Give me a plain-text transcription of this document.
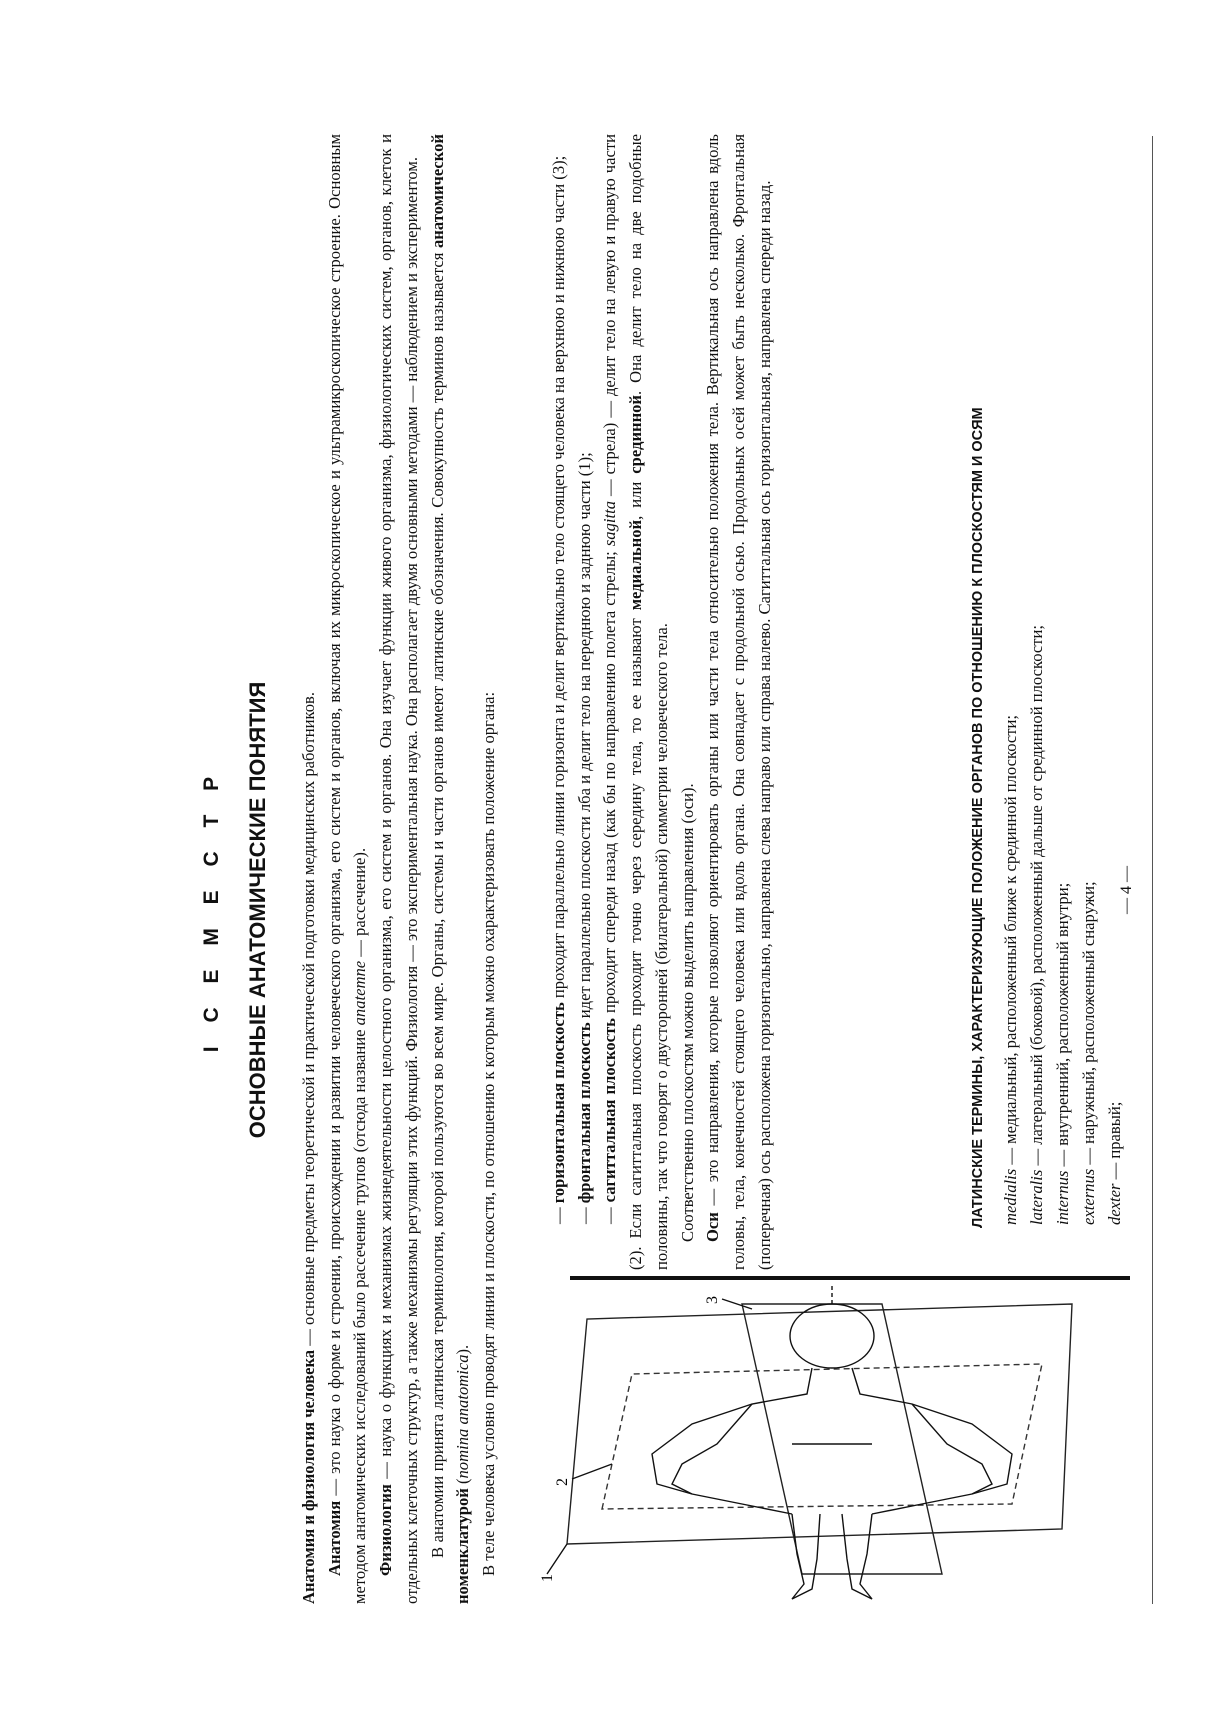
I С Е М Е С Т Р ОСНОВНЫЕ АНАТОМИЧЕСКИЕ ПОНЯТИЯ

Анатомия и физиология человека — основные предметы теоретической и практической подготовки медицинских работников.

Анатомия — это наука о форме и строении, происхождении и развитии человеческого организма, его систем и органов, включая их микроскопическое и ультрамикроскопическое строение. Основным методом анатомических исследований было рассечение трупов (отсюда название anatemne — рассечение).

Физиология — наука о функциях и механизмах жизнедеятельности целостного организма, его систем и органов. Она изучает функции живого организма, физиологических систем, органов, клеток и отдельных клеточных структур, а также механизмы регуляции этих функций. Физиология — это экспериментальная наука. Она располагает двумя основными методами — наблюдением и экспериментом. В анатомии принята латинская терминология, которой пользуются во всем мире. Органы, системы и части органов имеют латинские обозначения. Совокупность терминов называется анатомической номенклатурой (nomina anatomica). В теле человека условно проводят линии и плоскости, по отношению к которым можно охарактеризовать положение органа:

1
2
3

— горизонтальная плоскость проходит параллельно линии горизонта и делит вертикально тело стоящего человека на верхнюю и нижнюю части (3);

— фронтальная плоскость идет параллельно плоскости лба и делит тело на переднюю и заднюю части (1);

— сагиттальная плоскость проходит спереди назад (как бы по направлению полета стрелы; sagitta — стрела) — делит тело на левую и правую части (2). Если сагиттальная плоскость проходит точно через середину тела, то ее называют медиальной, или срединной. Она делит тело на две подобные половины, так что говорят о двусторонней (билатеральной) симметрии человеческого тела. Соответственно плоскостям можно выделить направления (оси). Оси — это направления, которые позволяют ориентировать органы или части тела относительно положения тела. Вертикальная ось направлена вдоль головы, тела, конечностей стоящего человека или вдоль органа. Она совпадает с продольной осью. Продольных осей может быть несколько. Фронтальная (поперечная) ось расположена горизонтально, направлена слева направо или справа налево. Сагиттальная ось горизонтальная, направлена спереди назад.	ЛАТИНСКИЕ ТЕРМИНЫ, ХАРАКТЕРИЗУЮЩИЕ ПОЛОЖЕНИЕ ОРГАНОВ ПО ОТНОШЕНИЮ К ПЛОСКОСТЯМ И ОСЯМ medialis — медиальный, расположенный ближе к срединной плоскости;

lateralis — латеральный (боковой), расположенный дальше от срединной плоскости;

internus — внутренний, расположенный внутри;

externus — наружный, расположенный снаружи;

dexter — правый;

— 4 —
